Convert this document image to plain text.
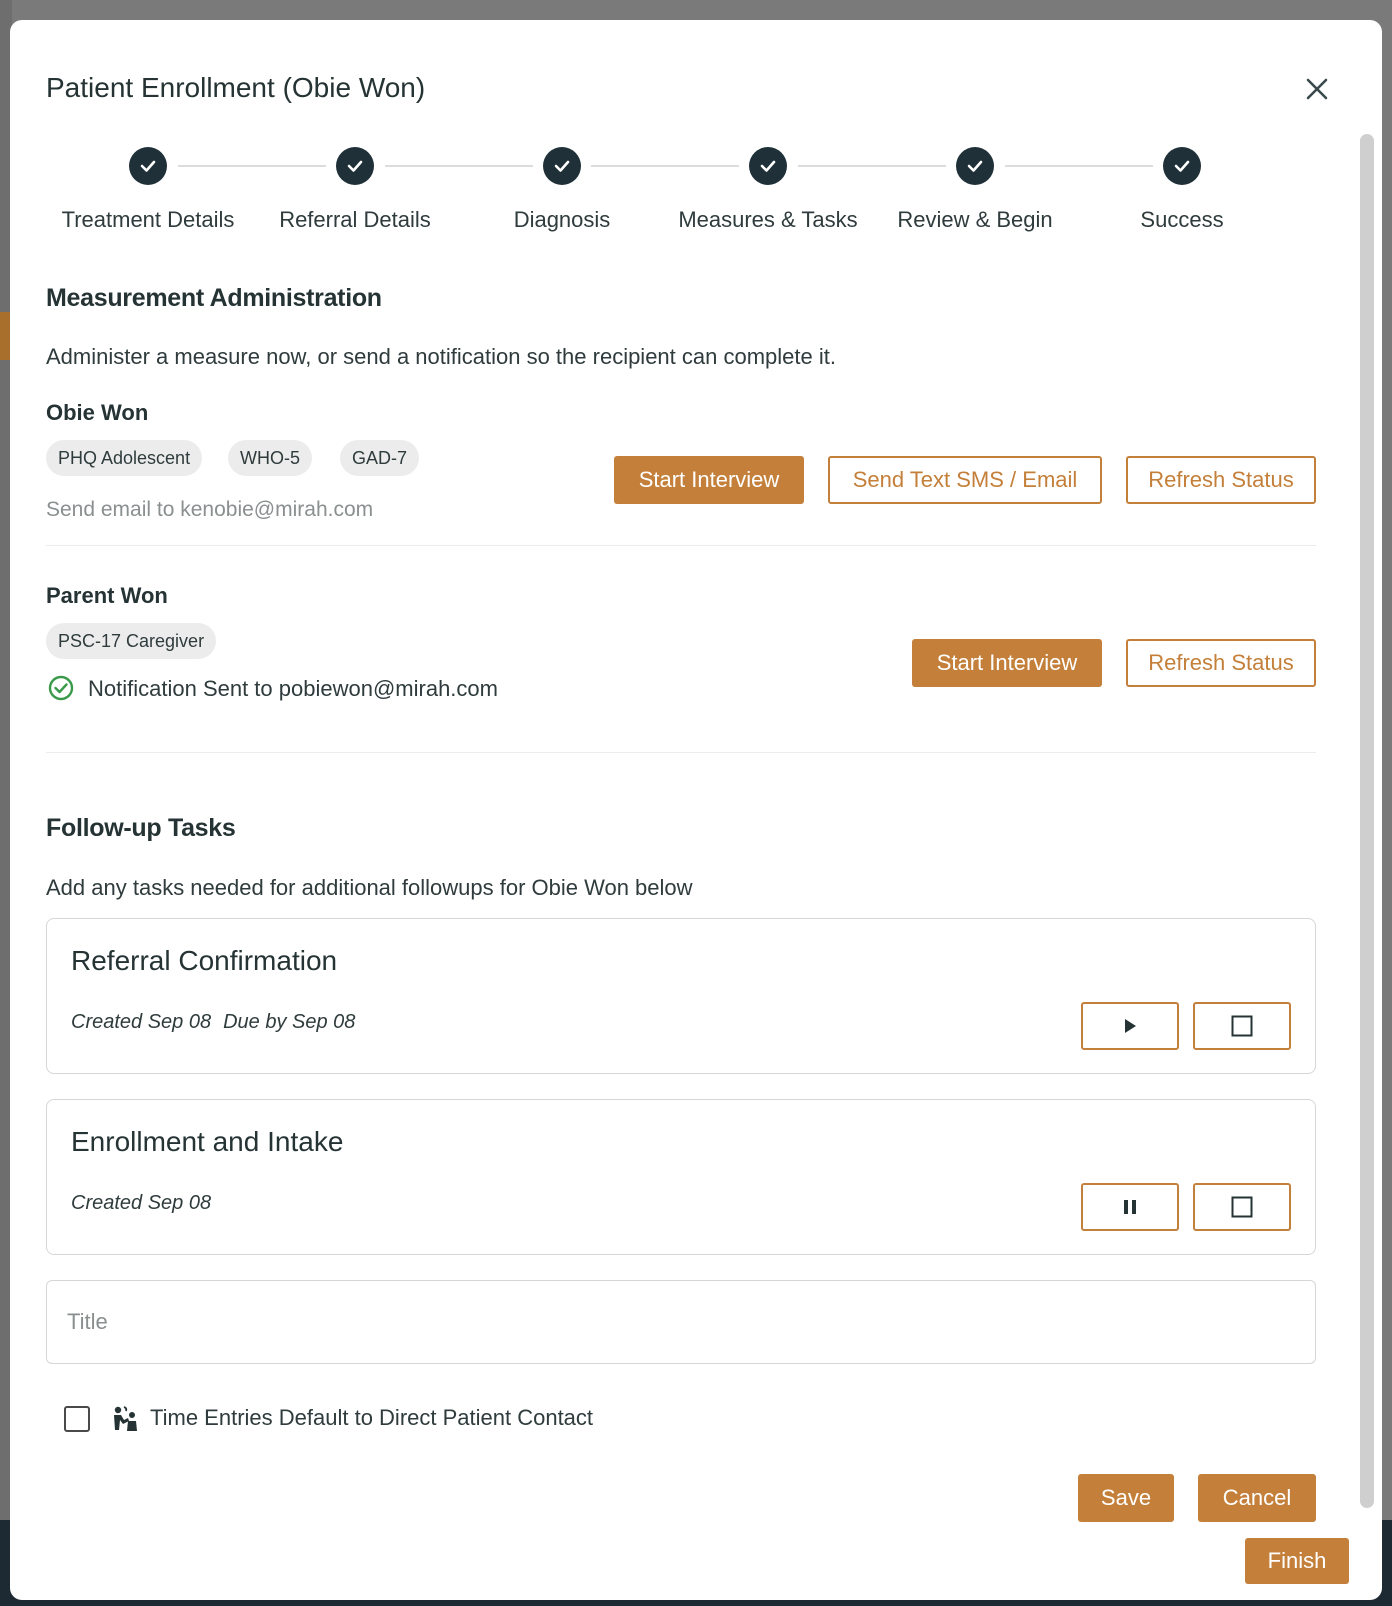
Patient Enrollment (Obie Won)
Treatment Details	Referral Details	Diagnosis	Measures & Tasks	Review & Begin	Success
Measurement Administration
Administer a measure now, or send a notification so the recipient can complete it.
Obie Won
PHQ Adolescent	WHO-5	GAD-7
Send email to kenobie@mirah.com
Start Interview	Send Text SMS / Email	Refresh Status
Parent Won
PSC-17 Caregiver
Notification Sent to pobiewon@mirah.com
Start Interview	Refresh Status
Follow-up Tasks
Add any tasks needed for additional followups for Obie Won below
Referral Confirmation
Created Sep 08 Due by Sep 08
Enrollment and Intake
Created Sep 08
Title
Time Entries Default to Direct Patient Contact
Save	Cancel
Finish
